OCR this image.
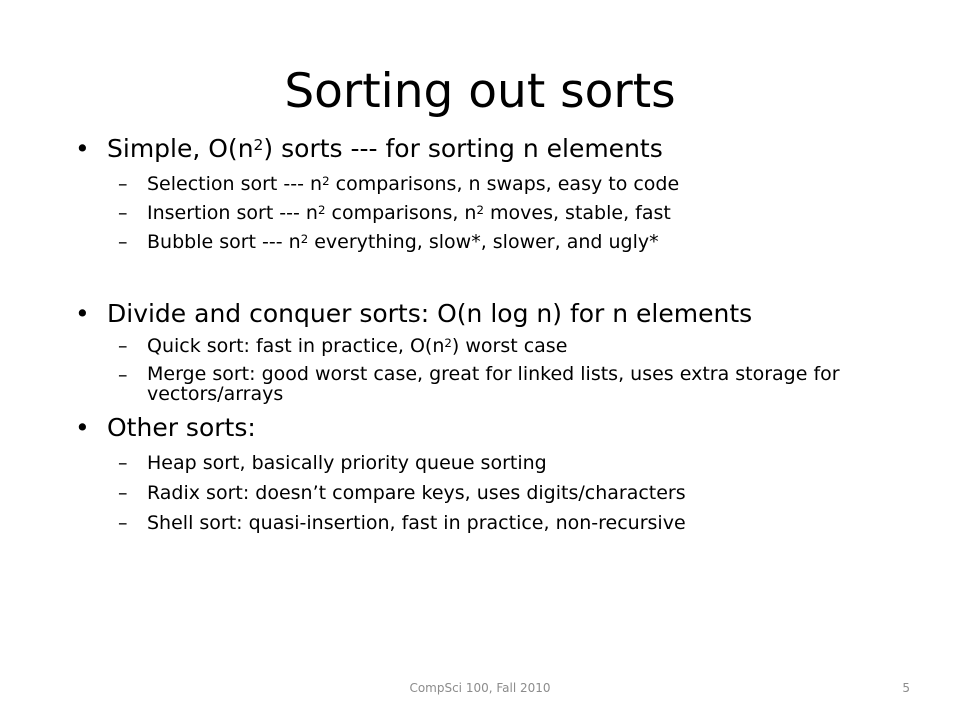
Sorting out sorts
• Simple, $O(n^2)$ sorts --- for sorting n elements
– Selection sort --- $n^2$ comparisons, n swaps, easy to code
– Insertion sort --- $n^2$ comparisons, $n^2$ moves, stable, fast
– Bubble sort --- $n^2$ everything, slow*, slower, and ugly*
• Divide and conquer sorts: O(n log n) for n elements
– Quick sort: fast in practice, $O(n^2)$ worst case
– Merge sort: good worst case, great for linked lists, uses extra storage for vectors/arrays
• Other sorts:
– Heap sort, basically priority queue sorting
– Radix sort: doesn’t compare keys, uses digits/characters
– Shell sort: quasi-insertion, fast in practice, non-recursive
CompSci 100, Fall 2010	5
